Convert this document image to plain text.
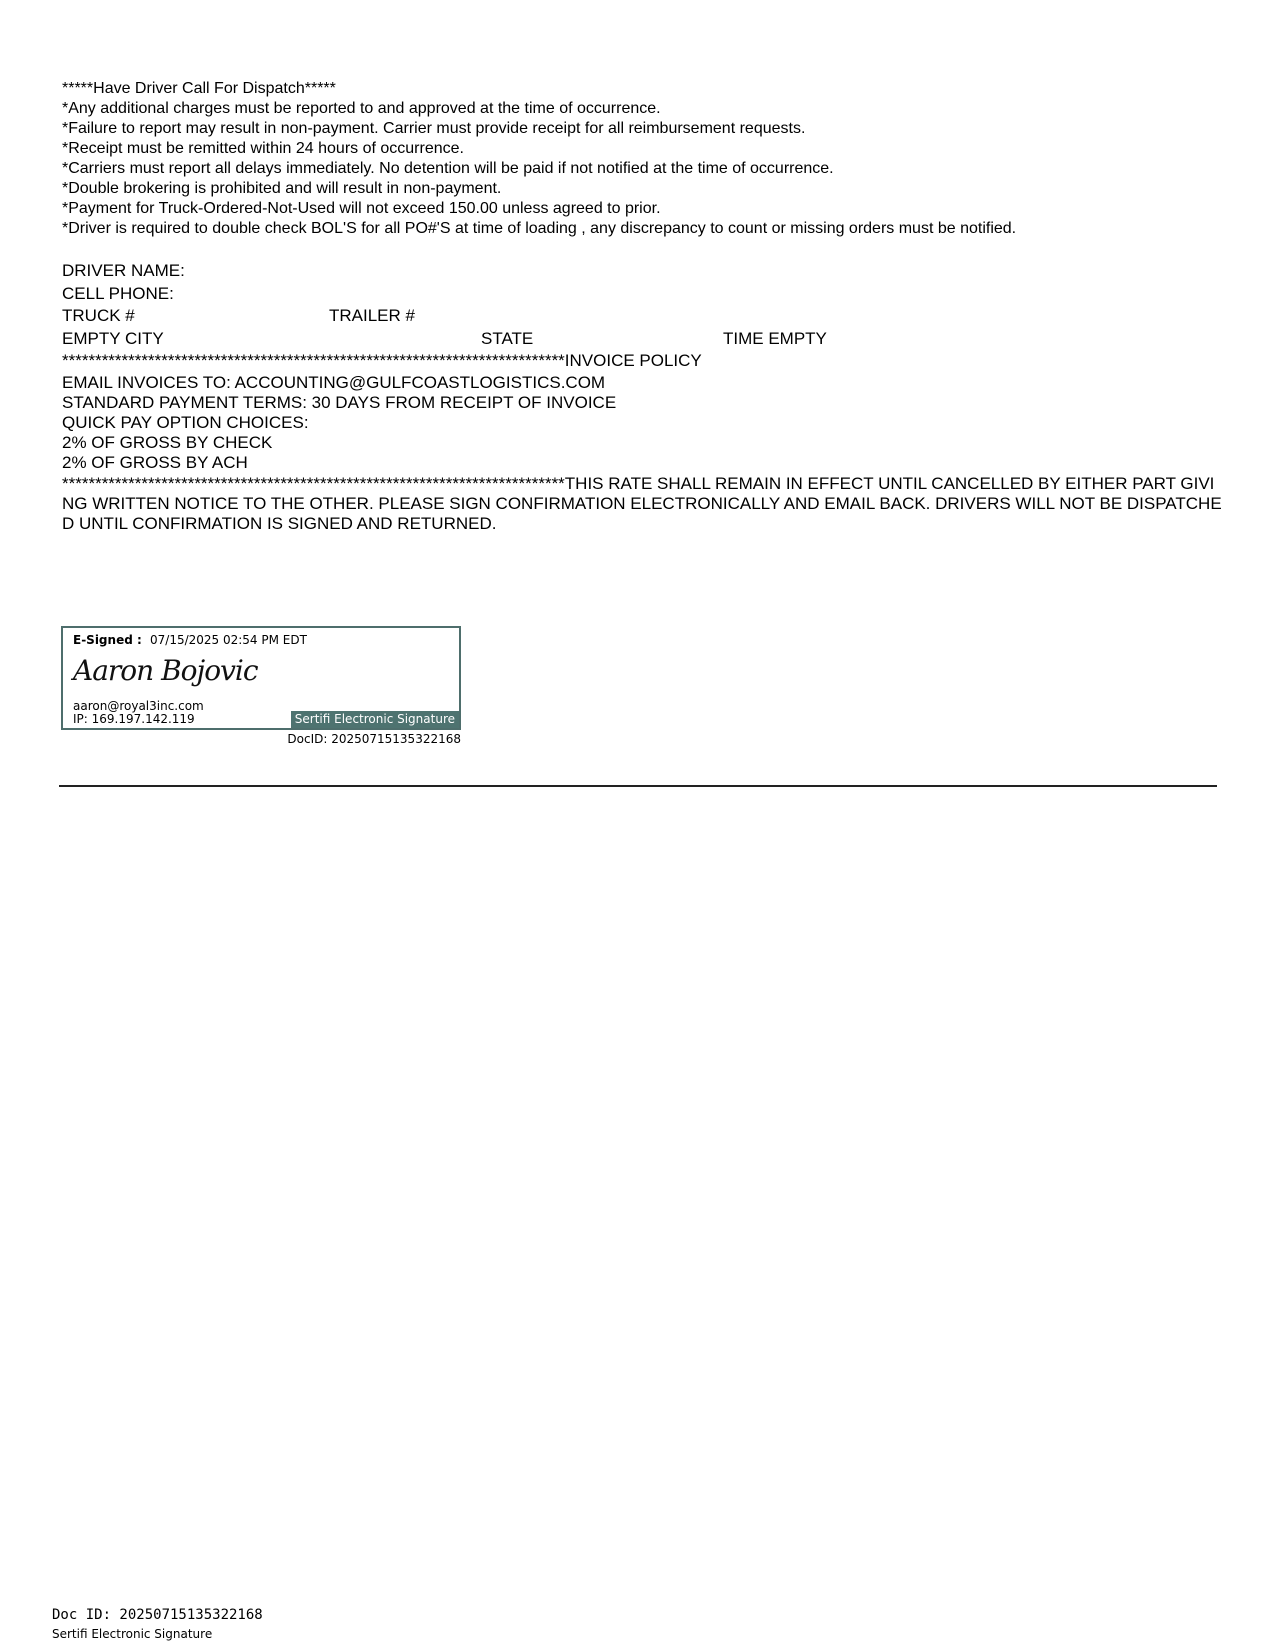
*****Have Driver Call For Dispatch*****
*Any additional charges must be reported to and approved at the time of occurrence.
*Failure to report may result in non-payment. Carrier must provide receipt for all reimbursement requests.
*Receipt must be remitted within 24 hours of occurrence.
*Carriers must report all delays immediately. No detention will be paid if not notified at the time of occurrence.
*Double brokering is prohibited and will result in non-payment.
*Payment for Truck-Ordered-Not-Used will not exceed 150.00 unless agreed to prior.
*Driver is required to double check BOL'S for all PO#'S at time of loading , any discrepancy to count or missing orders must be notified.
DRIVER NAME:
CELL PHONE:
TRUCK #	TRAILER #
EMPTY CITY	STATE	TIME EMPTY
****************************************************************************INVOICE POLICY
EMAIL INVOICES TO: ACCOUNTING@GULFCOASTLOGISTICS.COM
STANDARD PAYMENT TERMS: 30 DAYS FROM RECEIPT OF INVOICE
QUICK PAY OPTION CHOICES:
2% OF GROSS BY CHECK
2% OF GROSS BY ACH
****************************************************************************THIS RATE SHALL REMAIN IN EFFECT UNTIL CANCELLED BY EITHER PART GIVING WRITTEN NOTICE TO THE OTHER. PLEASE SIGN CONFIRMATION ELECTRONICALLY AND EMAIL BACK. DRIVERS WILL NOT BE DISPATCHED UNTIL CONFIRMATION IS SIGNED AND RETURNED.
E-Signed : 07/15/2025 02:54 PM EDT
Aaron Bojovic
aaron@royal3inc.com
IP: 169.197.142.119	Sertifi Electronic Signature
DocID: 20250715135322168
Doc ID: 20250715135322168
Sertifi Electronic Signature
